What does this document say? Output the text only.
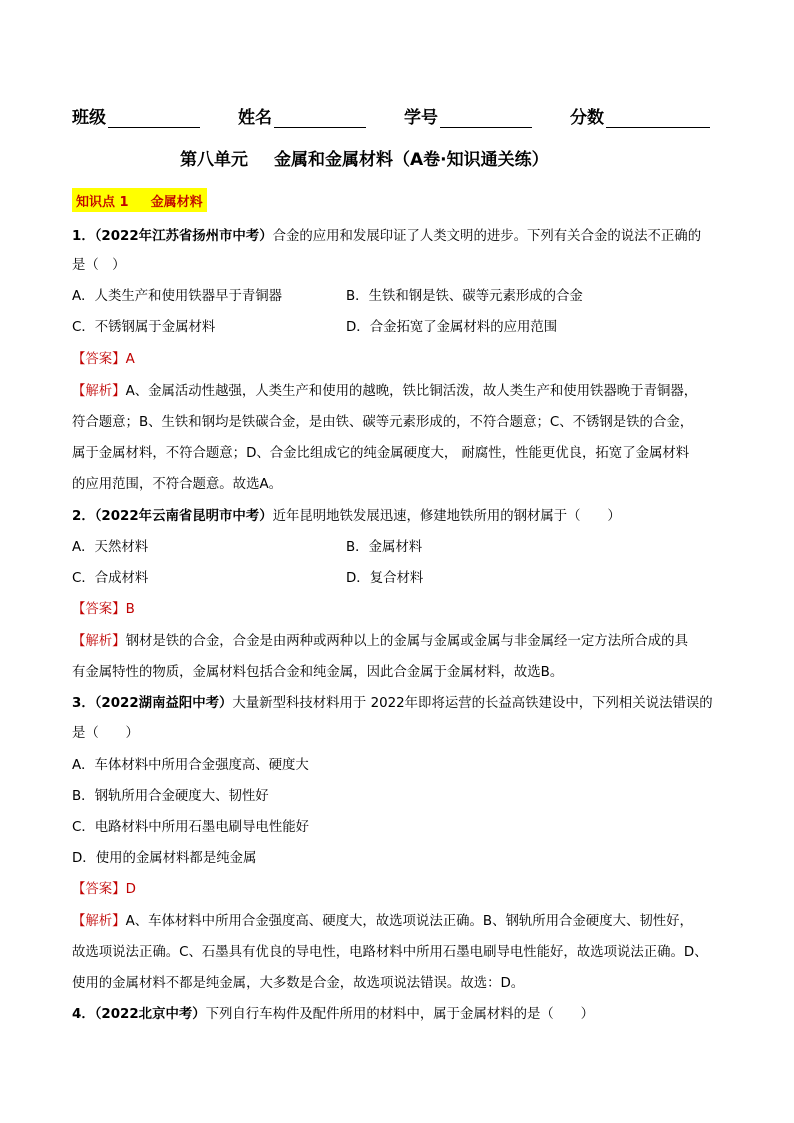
班级	姓名	学号	分数
第八单元 金属和金属材料（A卷·知识通关练）
知识点 1 金属材料
1．（2022年江苏省扬州市中考）合金的应用和发展印证了人类文明的进步。下列有关合金的说法不正确的
是（　）
A．人类生产和使用铁器早于青铜器	B．生铁和钢是铁、碳等元素形成的合金
C．不锈钢属于金属材料	D．合金拓宽了金属材料的应用范围
【答案】A
【解析】A、金属活动性越强，人类生产和使用的越晚，铁比铜活泼，故人类生产和使用铁器晚于青铜器，
符合题意；B、生铁和钢均是铁碳合金，是由铁、碳等元素形成的，不符合题意；C、不锈钢是铁的合金，
属于金属材料，不符合题意；D、合金比组成它的纯金属硬度大， 耐腐性，性能更优良，拓宽了金属材料
的应用范围，不符合题意。故选A。
2．（2022年云南省昆明市中考）近年昆明地铁发展迅速，修建地铁所用的钢材属于（　　）
A．天然材料	B．金属材料
C．合成材料	D．复合材料
【答案】B
【解析】钢材是铁的合金，合金是由两种或两种以上的金属与金属或金属与非金属经一定方法所合成的具
有金属特性的物质，金属材料包括合金和纯金属，因此合金属于金属材料，故选B。
3．（2022湖南益阳中考）大量新型科技材料用于 2022年即将运营的长益高铁建设中，下列相关说法错误的
是（　　）
A．车体材料中所用合金强度高、硬度大
B．钢轨所用合金硬度大、韧性好
C．电路材料中所用石墨电刷导电性能好
D．使用的金属材料都是纯金属
【答案】D
【解析】A、车体材料中所用合金强度高、硬度大，故选项说法正确。B、钢轨所用合金硬度大、韧性好，
故选项说法正确。C、石墨具有优良的导电性，电路材料中所用石墨电刷导电性能好，故选项说法正确。D、
使用的金属材料不都是纯金属，大多数是合金，故选项说法错误。故选：D。
4．（2022北京中考）下列自行车构件及配件所用的材料中，属于金属材料的是（　　）
